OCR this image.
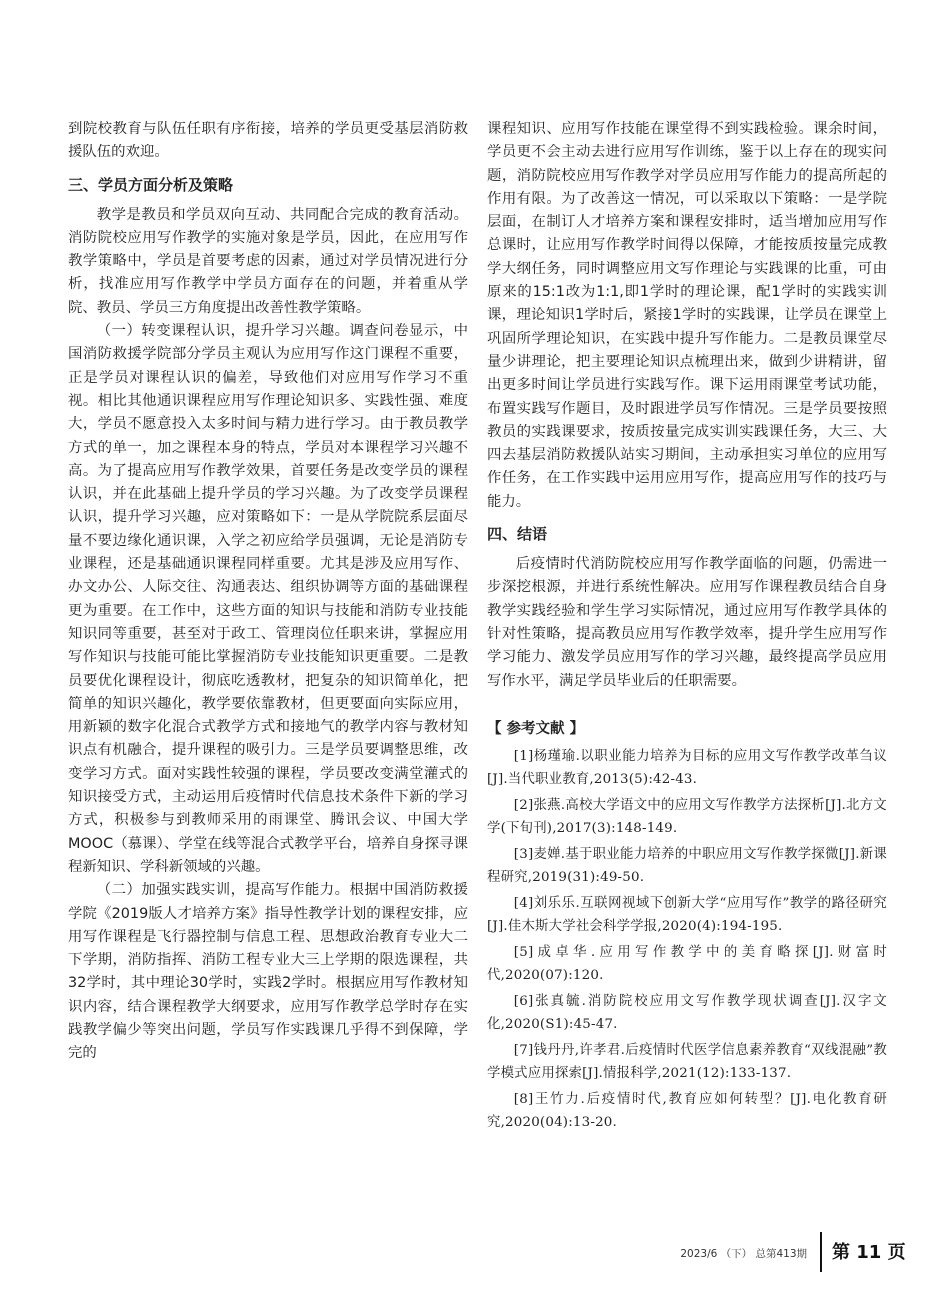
到院校教育与队伍任职有序衔接，培养的学员更受基层消防救援队伍的欢迎。

三、学员方面分析及策略

教学是教员和学员双向互动、共同配合完成的教育活动。消防院校应用写作教学的实施对象是学员，因此，在应用写作教学策略中，学员是首要考虑的因素，通过对学员情况进行分析，找准应用写作教学中学员方面存在的问题，并着重从学院、教员、学员三方角度提出改善性教学策略。

（一）转变课程认识，提升学习兴趣。调查问卷显示，中国消防救援学院部分学员主观认为应用写作这门课程不重要，正是学员对课程认识的偏差，导致他们对应用写作学习不重视。相比其他通识课程应用写作理论知识多、实践性强、难度大，学员不愿意投入太多时间与精力进行学习。由于教员教学方式的单一，加之课程本身的特点，学员对本课程学习兴趣不高。为了提高应用写作教学效果，首要任务是改变学员的课程认识，并在此基础上提升学员的学习兴趣。为了改变学员课程认识，提升学习兴趣，应对策略如下：一是从学院院系层面尽量不要边缘化通识课，入学之初应给学员强调，无论是消防专业课程，还是基础通识课程同样重要。尤其是涉及应用写作、办文办公、人际交往、沟通表达、组织协调等方面的基础课程更为重要。在工作中，这些方面的知识与技能和消防专业技能知识同等重要，甚至对于政工、管理岗位任职来讲，掌握应用写作知识与技能可能比掌握消防专业技能知识更重要。二是教员要优化课程设计，彻底吃透教材，把复杂的知识简单化，把简单的知识兴趣化，教学要依靠教材，但更要面向实际应用，用新颖的数字化混合式教学方式和接地气的教学内容与教材知识点有机融合，提升课程的吸引力。三是学员要调整思维，改变学习方式。面对实践性较强的课程，学员要改变满堂灌式的知识接受方式，主动运用后疫情时代信息技术条件下新的学习方式，积极参与到教师采用的雨课堂、腾讯会议、中国大学MOOC（慕课）、学堂在线等混合式教学平台，培养自身探寻课程新知识、学科新领域的兴趣。

（二）加强实践实训，提高写作能力。根据中国消防救援学院《2019版人才培养方案》指导性教学计划的课程安排，应用写作课程是飞行器控制与信息工程、思想政治教育专业大二下学期，消防指挥、消防工程专业大三上学期的限选课程，共32学时，其中理论30学时，实践2学时。根据应用写作教材知识内容，结合课程教学大纲要求，应用写作教学总学时存在实践教学偏少等突出问题，学员写作实践课几乎得不到保障，学完的

课程知识、应用写作技能在课堂得不到实践检验。课余时间，学员更不会主动去进行应用写作训练，鉴于以上存在的现实问题，消防院校应用写作教学对学员应用写作能力的提高所起的作用有限。为了改善这一情况，可以采取以下策略：一是学院层面，在制订人才培养方案和课程安排时，适当增加应用写作总课时，让应用写作教学时间得以保障，才能按质按量完成教学大纲任务，同时调整应用文写作理论与实践课的比重，可由原来的15:1改为1:1,即1学时的理论课，配1学时的实践实训课，理论知识1学时后，紧接1学时的实践课，让学员在课堂上巩固所学理论知识，在实践中提升写作能力。二是教员课堂尽量少讲理论，把主要理论知识点梳理出来，做到少讲精讲，留出更多时间让学员进行实践写作。课下运用雨课堂考试功能，布置实践写作题目，及时跟进学员写作情况。三是学员要按照教员的实践课要求，按质按量完成实训实践课任务，大三、大四去基层消防救援队站实习期间，主动承担实习单位的应用写作任务，在工作实践中运用应用写作，提高应用写作的技巧与能力。

四、结语

后疫情时代消防院校应用写作教学面临的问题，仍需进一步深挖根源，并进行系统性解决。应用写作课程教员结合自身教学实践经验和学生学习实际情况，通过应用写作教学具体的针对性策略，提高教员应用写作教学效率，提升学生应用写作学习能力、激发学员应用写作的学习兴趣，最终提高学员应用写作水平，满足学员毕业后的任职需要。

【 参考文献 】

[1]杨瑾瑜.以职业能力培养为目标的应用文写作教学改革刍议[J].当代职业教育,2013(5):42-43.

[2]张燕.高校大学语文中的应用文写作教学方法探析[J].北方文学(下旬刊),2017(3):148-149.

[3]麦婵.基于职业能力培养的中职应用文写作教学探微[J].新课程研究,2019(31):49-50.

[4]刘乐乐.互联网视域下创新大学“应用写作”教学的路径研究[J].佳木斯大学社会科学学报,2020(4):194-195.

[5]成卓华.应用写作教学中的美育略探[J].财富时代,2020(07):120.

[6]张真毓.消防院校应用文写作教学现状调查[J].汉字文化,2020(S1):45-47.

[7]钱丹丹,许孝君.后疫情时代医学信息素养教育“双线混融”教学模式应用探索[J].情报科学,2021(12):133-137.

[8]王竹力.后疫情时代,教育应如何转型？[J].电化教育研究,2020(04):13-20.

2023/6 （下） 总第413期 第 11 页
